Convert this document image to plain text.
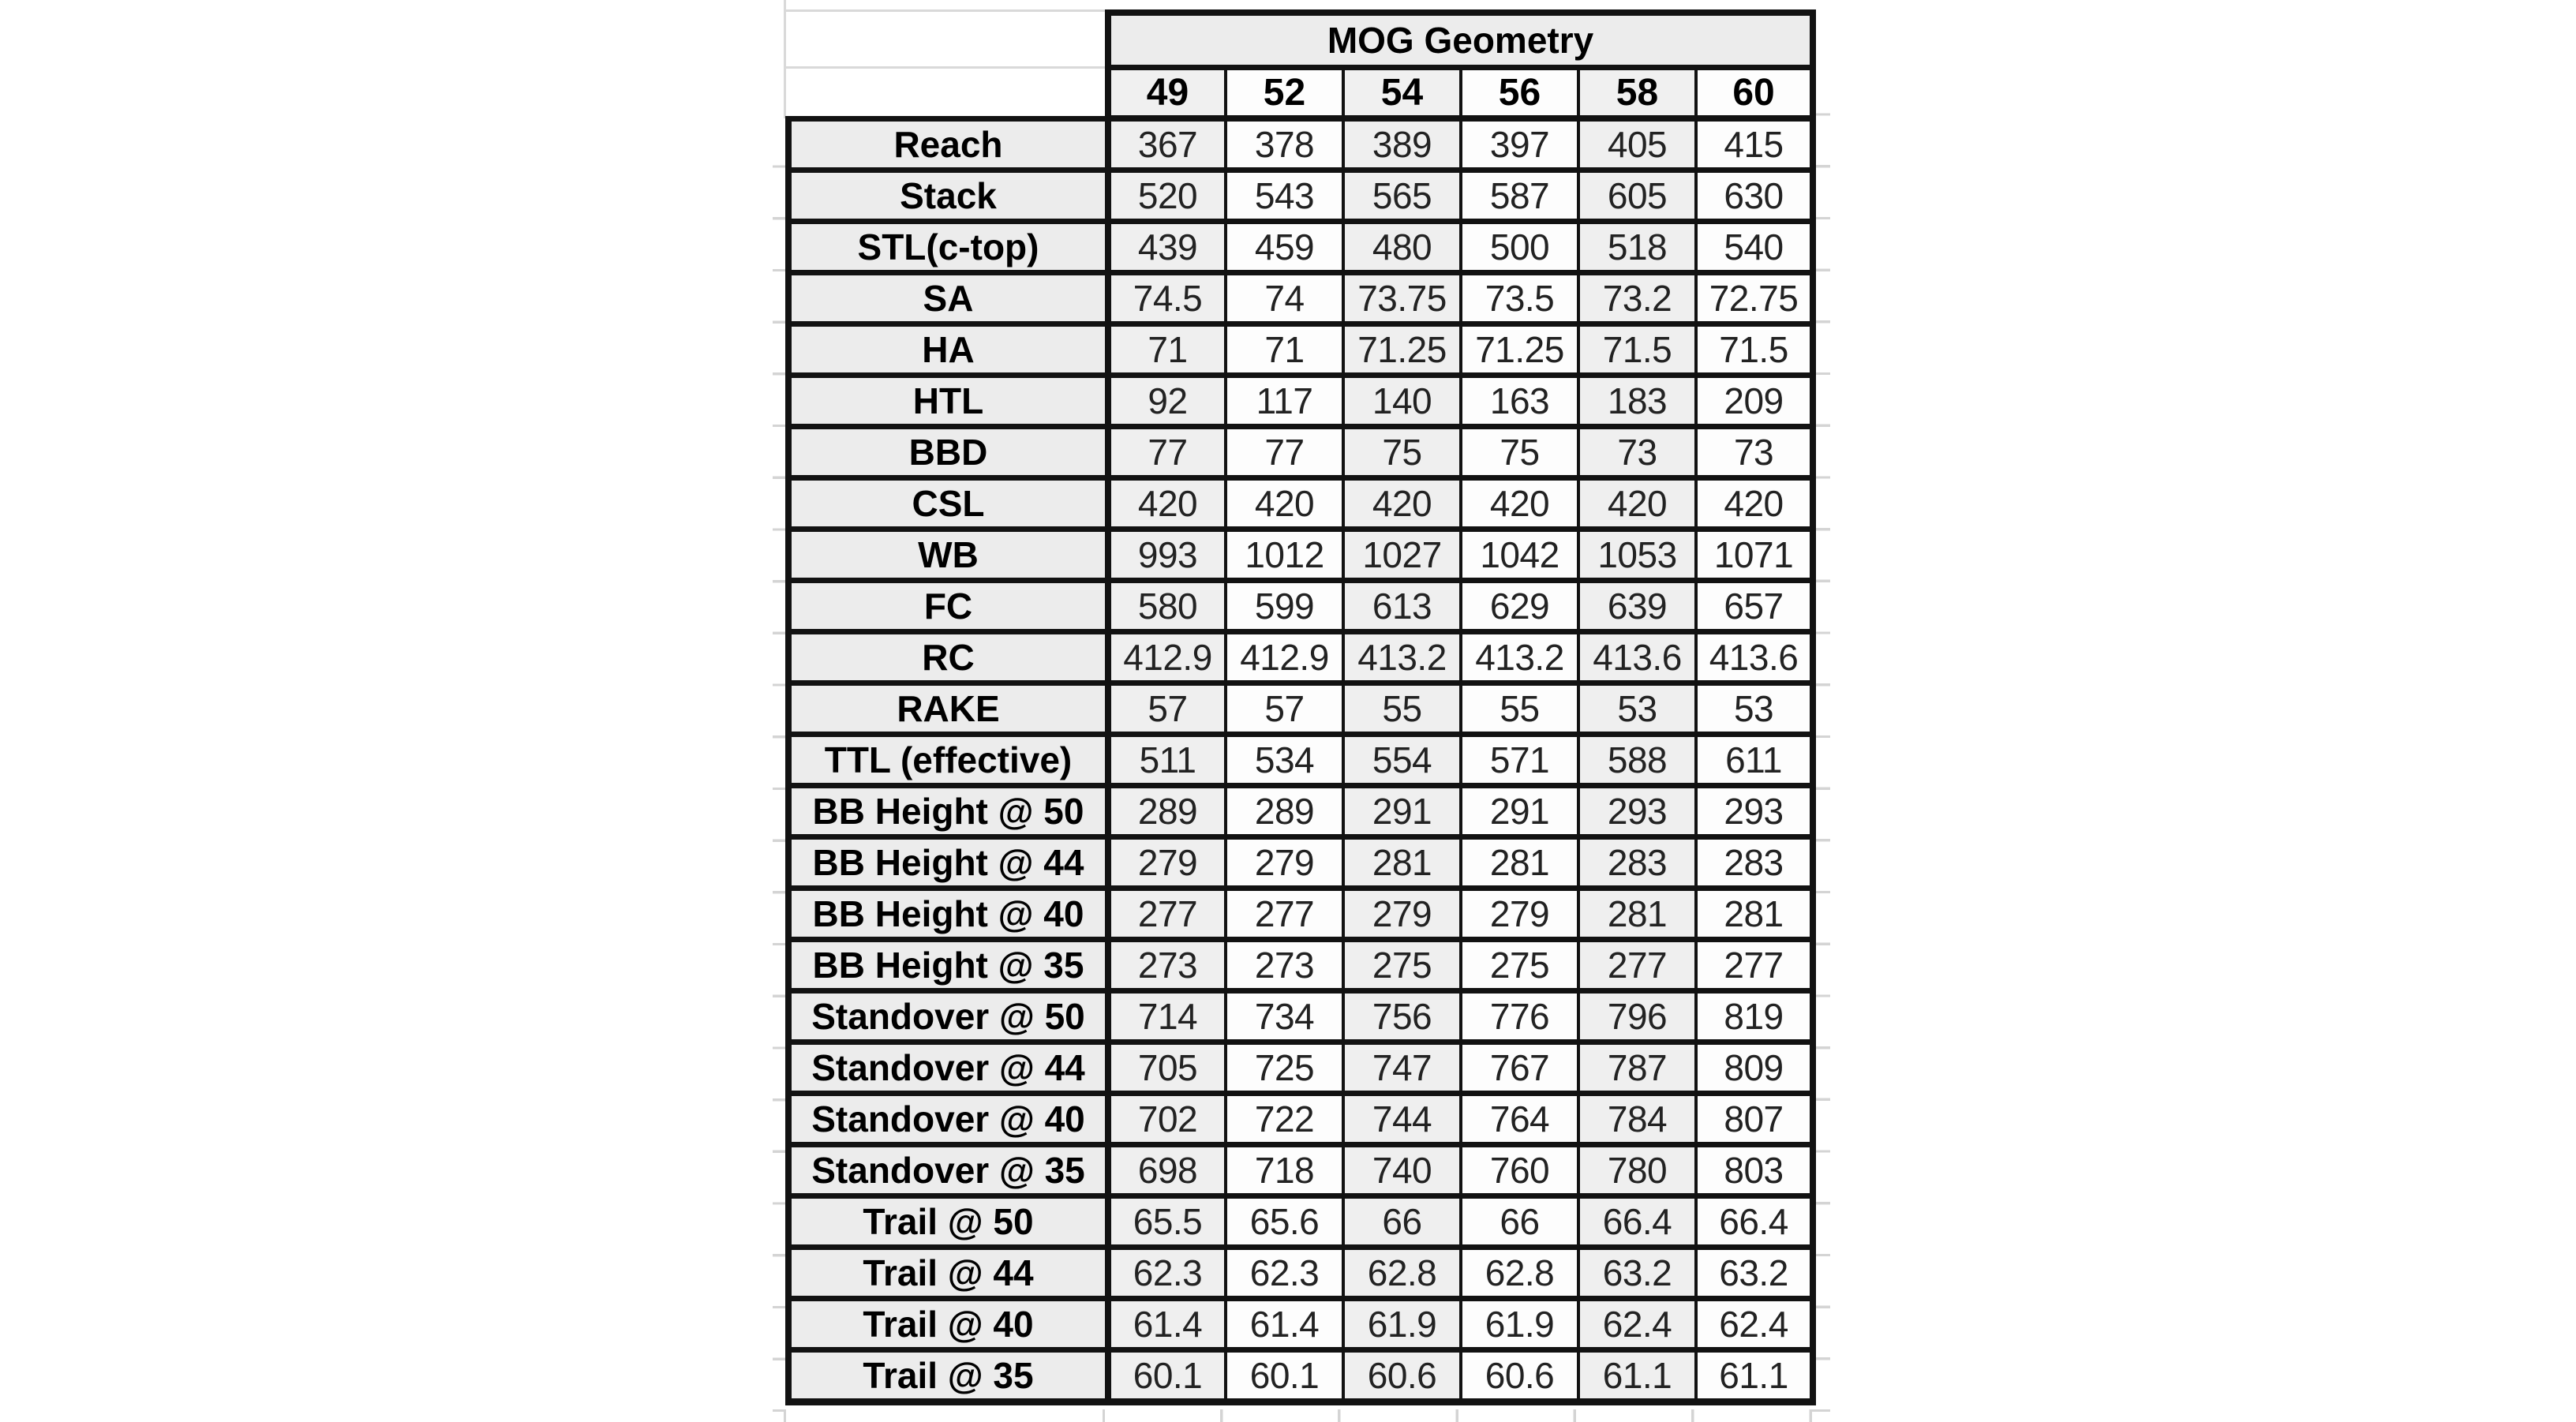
	MOG Geometry					
	49	52	54	56	58	60
Reach	367	378	389	397	405	415
Stack	520	543	565	587	605	630
STL(c-top)	439	459	480	500	518	540
SA	74.5	74	73.75	73.5	73.2	72.75
HA	71	71	71.25	71.25	71.5	71.5
HTL	92	117	140	163	183	209
BBD	77	77	75	75	73	73
CSL	420	420	420	420	420	420
WB	993	1012	1027	1042	1053	1071
FC	580	599	613	629	639	657
RC	412.9	412.9	413.2	413.2	413.6	413.6
RAKE	57	57	55	55	53	53
TTL (effective)	511	534	554	571	588	611
BB Height @ 50	289	289	291	291	293	293
BB Height @ 44	279	279	281	281	283	283
BB Height @ 40	277	277	279	279	281	281
BB Height @ 35	273	273	275	275	277	277
Standover @ 50	714	734	756	776	796	819
Standover @ 44	705	725	747	767	787	809
Standover @ 40	702	722	744	764	784	807
Standover @ 35	698	718	740	760	780	803
Trail @ 50	65.5	65.6	66	66	66.4	66.4
Trail @ 44	62.3	62.3	62.8	62.8	63.2	63.2
Trail @ 40	61.4	61.4	61.9	61.9	62.4	62.4
Trail @ 35	60.1	60.1	60.6	60.6	61.1	61.1
